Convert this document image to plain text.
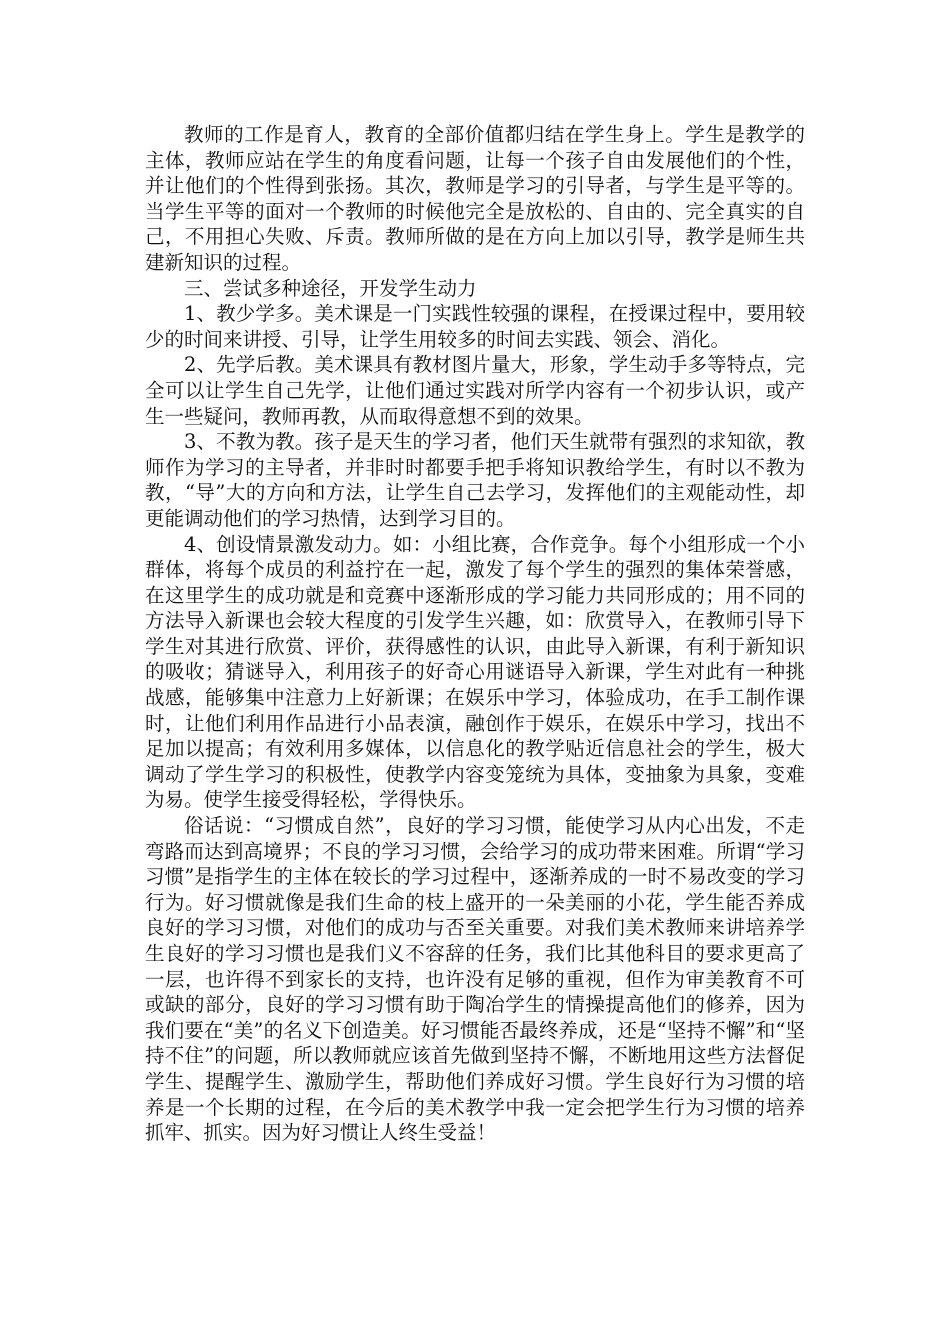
教师的工作是育人，教育的全部价值都归结在学生身上。学生是教学的主体，教师应站在学生的角度看问题，让每一个孩子自由发展他们的个性，并让他们的个性得到张扬。其次，教师是学习的引导者，与学生是平等的。当学生平等的面对一个教师的时候他完全是放松的、自由的、完全真实的自己，不用担心失败、斥责。教师所做的是在方向上加以引导，教学是师生共建新知识的过程。

三、尝试多种途径，开发学生动力

1、教少学多。美术课是一门实践性较强的课程，在授课过程中，要用较少的时间来讲授、引导，让学生用较多的时间去实践、领会、消化。

2、先学后教。美术课具有教材图片量大，形象，学生动手多等特点，完全可以让学生自己先学，让他们通过实践对所学内容有一个初步认识，或产生一些疑问，教师再教，从而取得意想不到的效果。

3、不教为教。孩子是天生的学习者，他们天生就带有强烈的求知欲，教师作为学习的主导者，并非时时都要手把手将知识教给学生，有时以不教为教，“导”大的方向和方法，让学生自己去学习，发挥他们的主观能动性，却更能调动他们的学习热情，达到学习目的。

4、创设情景激发动力。如：小组比赛，合作竞争。每个小组形成一个小群体，将每个成员的利益拧在一起，激发了每个学生的强烈的集体荣誉感，在这里学生的成功就是和竞赛中逐渐形成的学习能力共同形成的；用不同的方法导入新课也会较大程度的引发学生兴趣，如：欣赏导入，在教师引导下学生对其进行欣赏、评价，获得感性的认识，由此导入新课，有利于新知识的吸收；猜谜导入，利用孩子的好奇心用谜语导入新课，学生对此有一种挑战感，能够集中注意力上好新课；在娱乐中学习，体验成功，在手工制作课时，让他们利用作品进行小品表演，融创作于娱乐，在娱乐中学习，找出不足加以提高；有效利用多媒体，以信息化的教学贴近信息社会的学生，极大调动了学生学习的积极性，使教学内容变笼统为具体，变抽象为具象，变难为易。使学生接受得轻松，学得快乐。

俗话说：“习惯成自然”，良好的学习习惯，能使学习从内心出发，不走弯路而达到高境界；不良的学习习惯，会给学习的成功带来困难。所谓“学习习惯”是指学生的主体在较长的学习过程中，逐渐养成的一时不易改变的学习行为。好习惯就像是我们生命的枝上盛开的一朵美丽的小花，学生能否养成良好的学习习惯，对他们的成功与否至关重要。对我们美术教师来讲培养学生良好的学习习惯也是我们义不容辞的任务，我们比其他科目的要求更高了一层，也许得不到家长的支持，也许没有足够的重视，但作为审美教育不可或缺的部分，良好的学习习惯有助于陶冶学生的情操提高他们的修养，因为我们要在“美”的名义下创造美。好习惯能否最终养成，还是“坚持不懈”和“坚持不住”的问题，所以教师就应该首先做到坚持不懈，不断地用这些方法督促学生、提醒学生、激励学生，帮助他们养成好习惯。学生良好行为习惯的培养是一个长期的过程，在今后的美术教学中我一定会把学生行为习惯的培养抓牢、抓实。因为好习惯让人终生受益！
